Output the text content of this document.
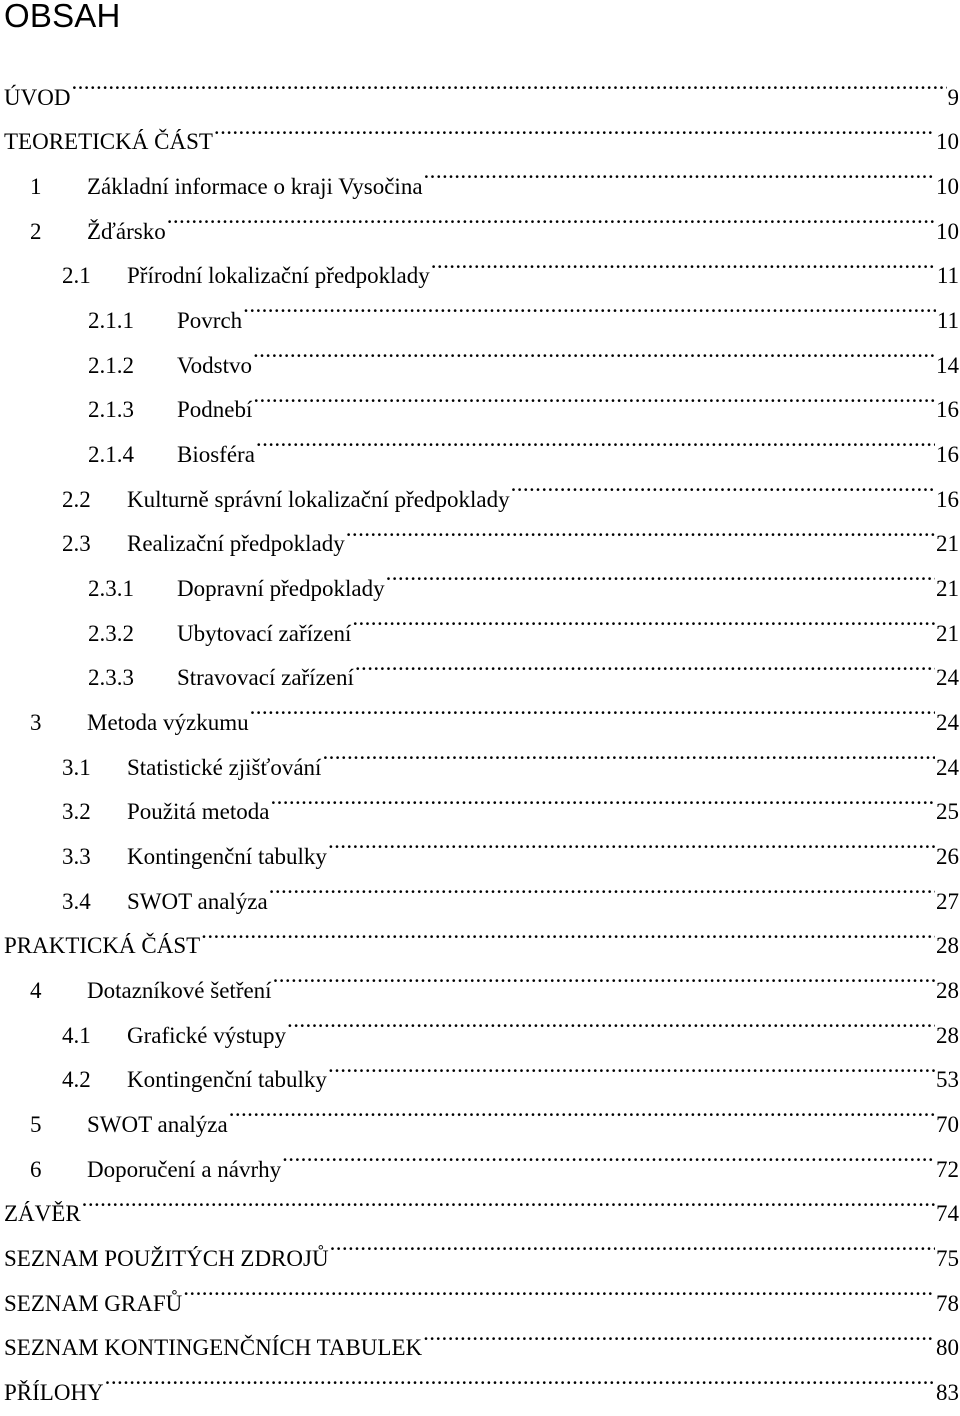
OBSAH
ÚVOD .....	9
TEORETICKÁ ČÁST .....	10
1	Základní informace o kraji Vysočina .....	10
2	Žďársko .....	10
2.1	Přírodní lokalizační předpoklady .....	11
2.1.1	Povrch .....	11
2.1.2	Vodstvo .....	14
2.1.3	Podnebí .....	16
2.1.4	Biosféra .....	16
2.2	Kulturně správní lokalizační předpoklady .....	16
2.3	Realizační předpoklady .....	21
2.3.1	Dopravní předpoklady .....	21
2.3.2	Ubytovací zařízení .....	21
2.3.3	Stravovací zařízení .....	24
3	Metoda výzkumu .....	24
3.1	Statistické zjišťování .....	24
3.2	Použitá metoda .....	25
3.3	Kontingenční tabulky .....	26
3.4	SWOT analýza .....	27
PRAKTICKÁ ČÁST .....	28
4	Dotazníkové šetření .....	28
4.1	Grafické výstupy .....	28
4.2	Kontingenční tabulky .....	53
5	SWOT analýza .....	70
6	Doporučení a návrhy .....	72
ZÁVĚR .....	74
SEZNAM POUŽITÝCH ZDROJŮ .....	75
SEZNAM GRAFŮ .....	78
SEZNAM KONTINGENČNÍCH TABULEK .....	80
PŘÍLOHY .....	83
